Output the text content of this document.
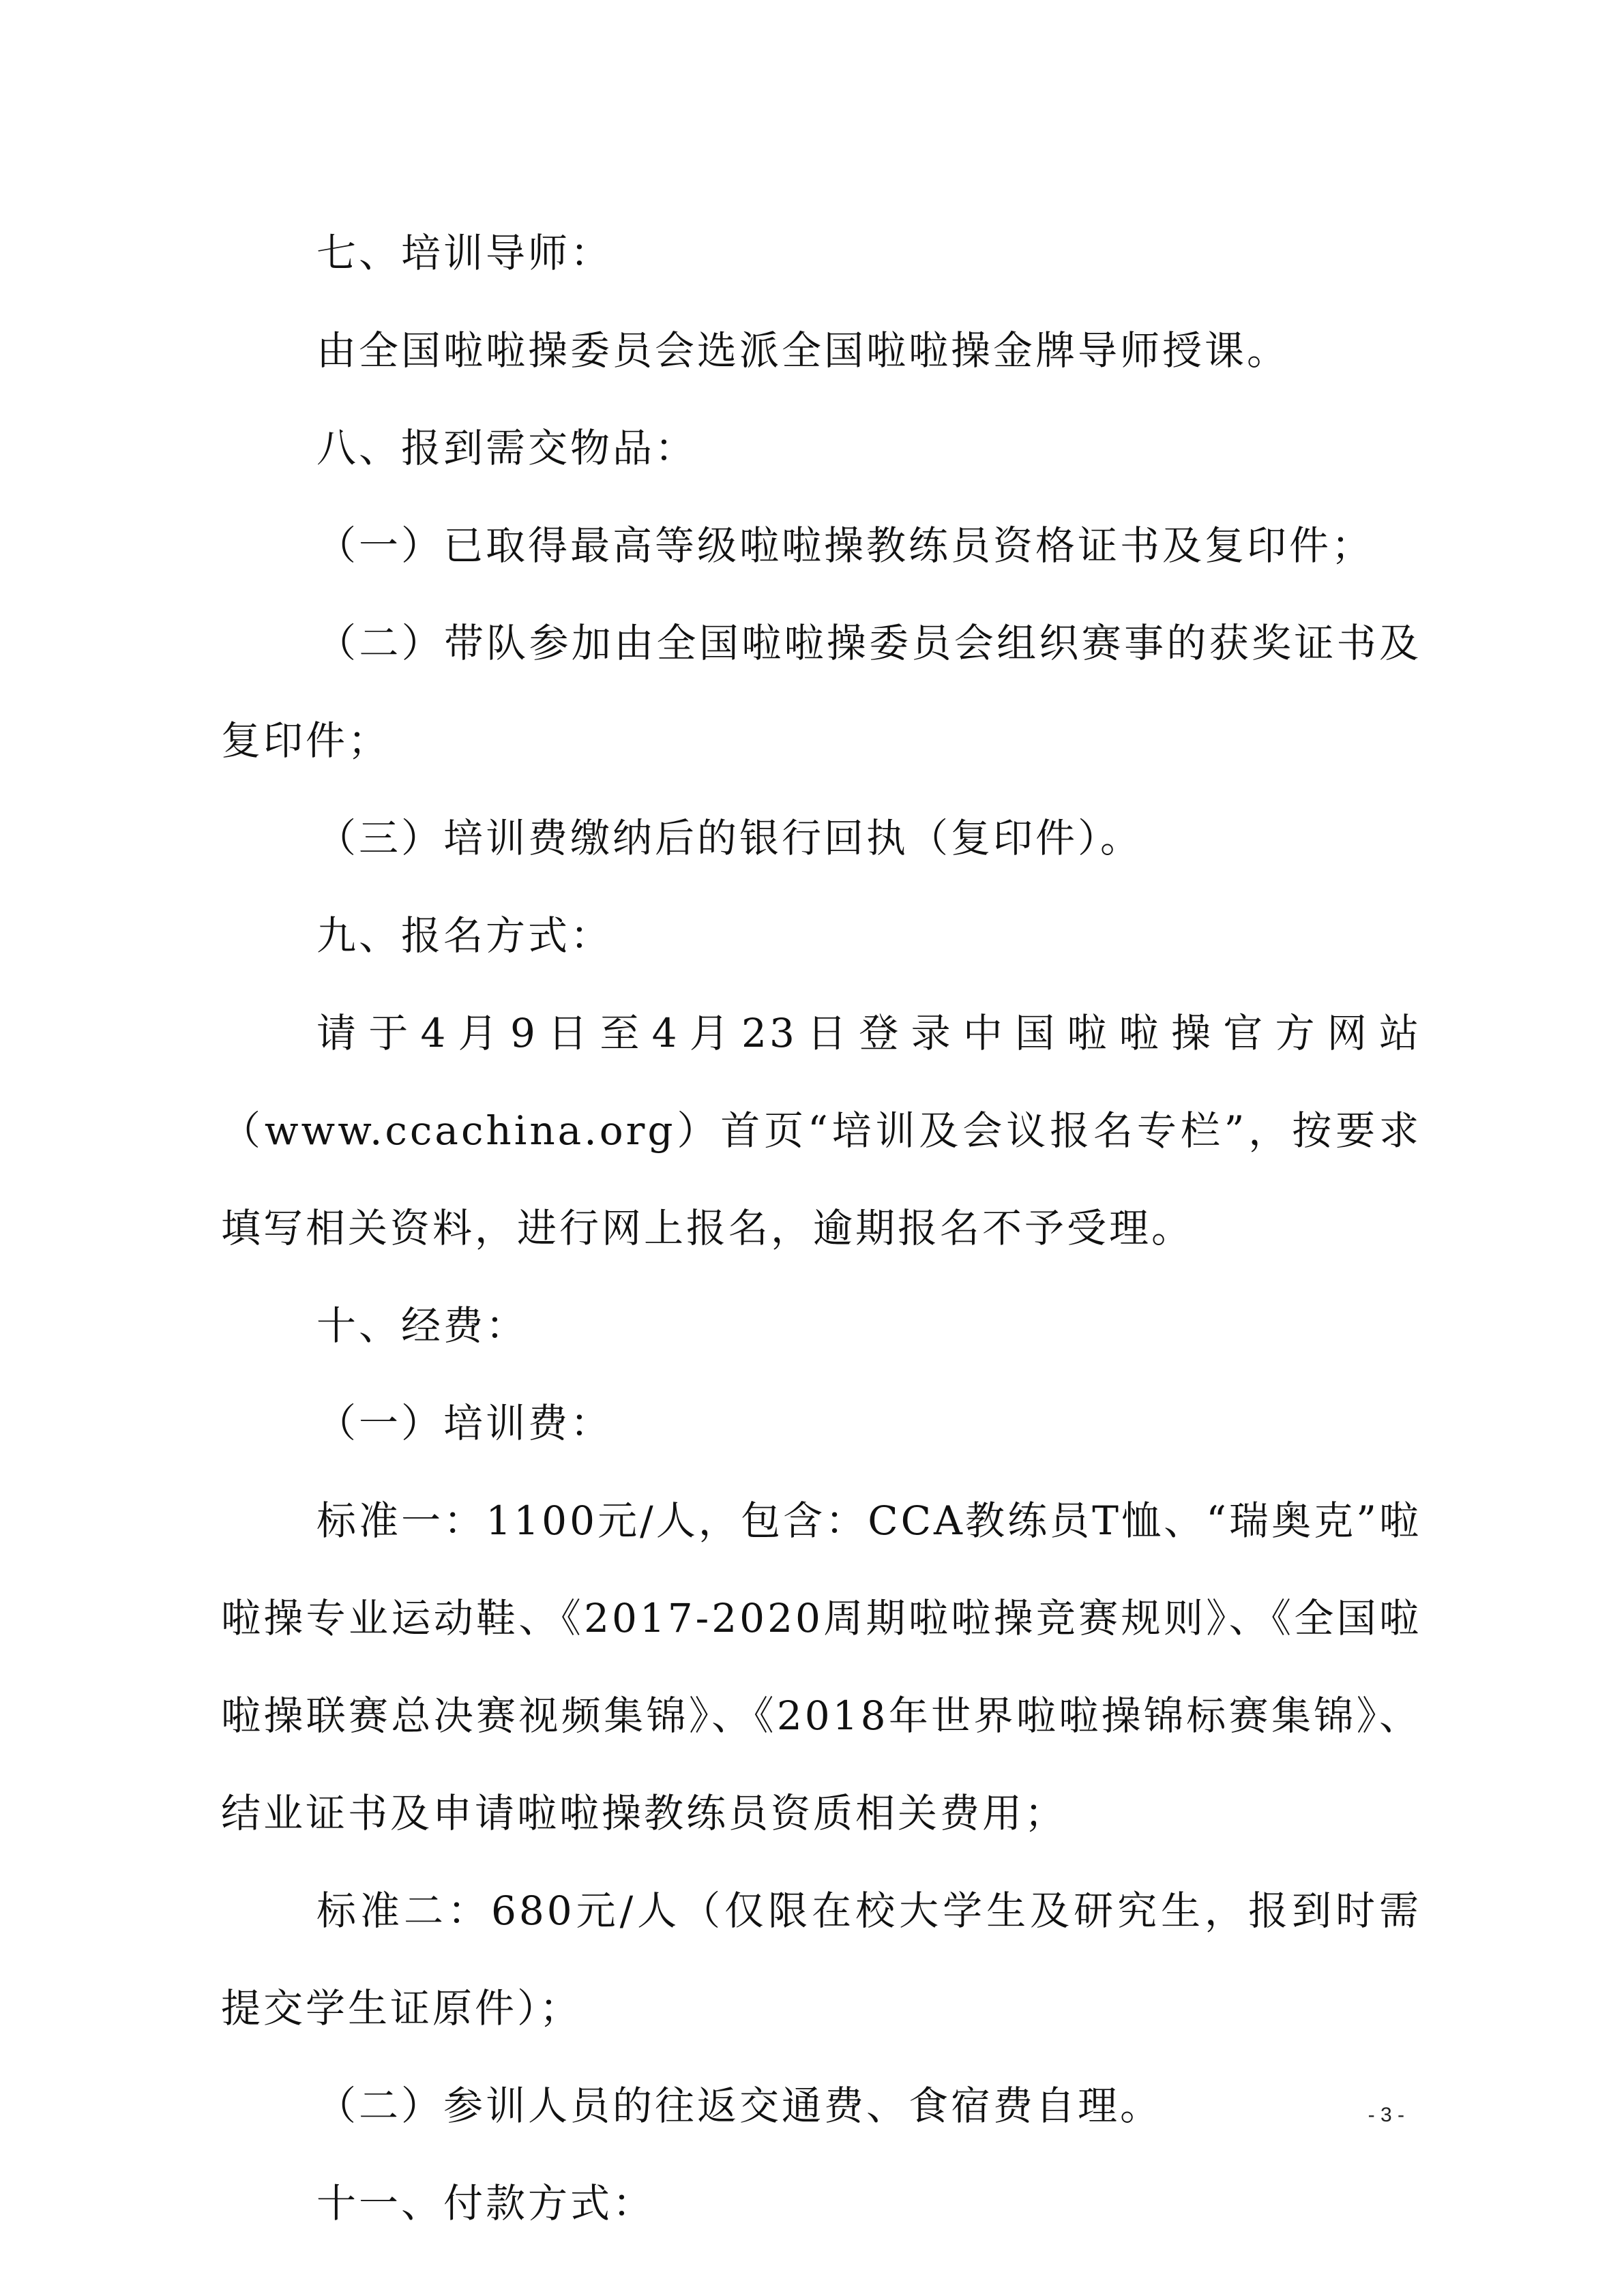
七、培训导师：

由全国啦啦操委员会选派全国啦啦操金牌导师授课。

八、报到需交物品：

（一）已取得最高等级啦啦操教练员资格证书及复印件；

（二）带队参加由全国啦啦操委员会组织赛事的获奖证书及复印件；

（三）培训费缴纳后的银行回执（复印件）。

九、报名方式：

请于4月9日至4月23日登录中国啦啦操官方网站（www.ccachina.org）首页“培训及会议报名专栏”，按要求填写相关资料，进行网上报名，逾期报名不予受理。

十、经费：

（一）培训费：

标准一：1100元/人，包含：CCA教练员T恤、“瑞奥克”啦啦操专业运动鞋、《2017-2020周期啦啦操竞赛规则》、《全国啦啦操联赛总决赛视频集锦》、《2018年世界啦啦操锦标赛集锦》、结业证书及申请啦啦操教练员资质相关费用；

标准二：680元/人（仅限在校大学生及研究生，报到时需提交学生证原件）；

（二）参训人员的往返交通费、食宿费自理。

十一、付款方式：

- 3 -
